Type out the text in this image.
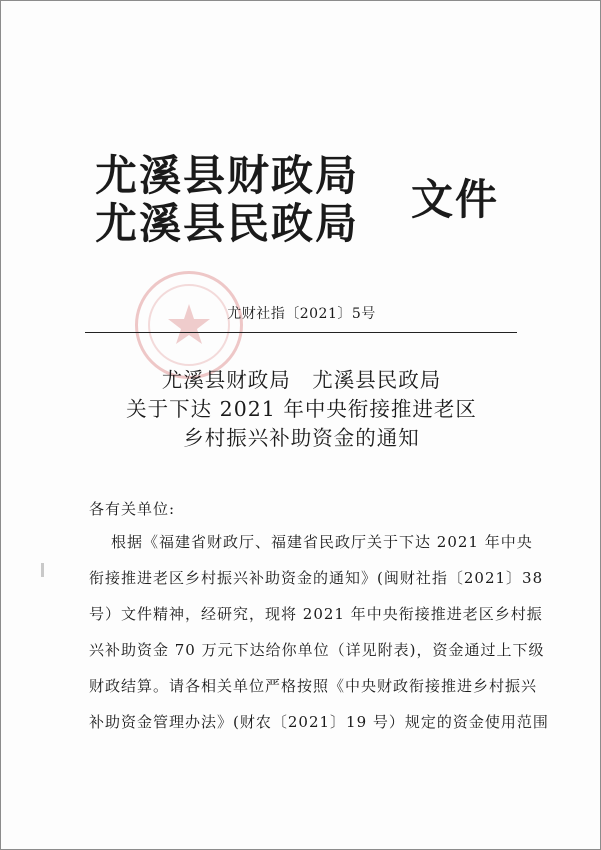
尤溪县财政局
尤溪县民政局 文件
尤财社指〔2021〕5号
尤溪县财政局　尤溪县民政局
关于下达 2021 年中央衔接推进老区
乡村振兴补助资金的通知
各有关单位:
根据《福建省财政厅、福建省民政厅关于下达 2021 年中央
衔接推进老区乡村振兴补助资金的通知》(闽财社指〔2021〕38
号）文件精神，经研究，现将 2021 年中央衔接推进老区乡村振
兴补助资金 70 万元下达给你单位（详见附表)，资金通过上下级
财政结算。请各相关单位严格按照《中央财政衔接推进乡村振兴
补助资金管理办法》(财农〔2021〕19 号）规定的资金使用范围
